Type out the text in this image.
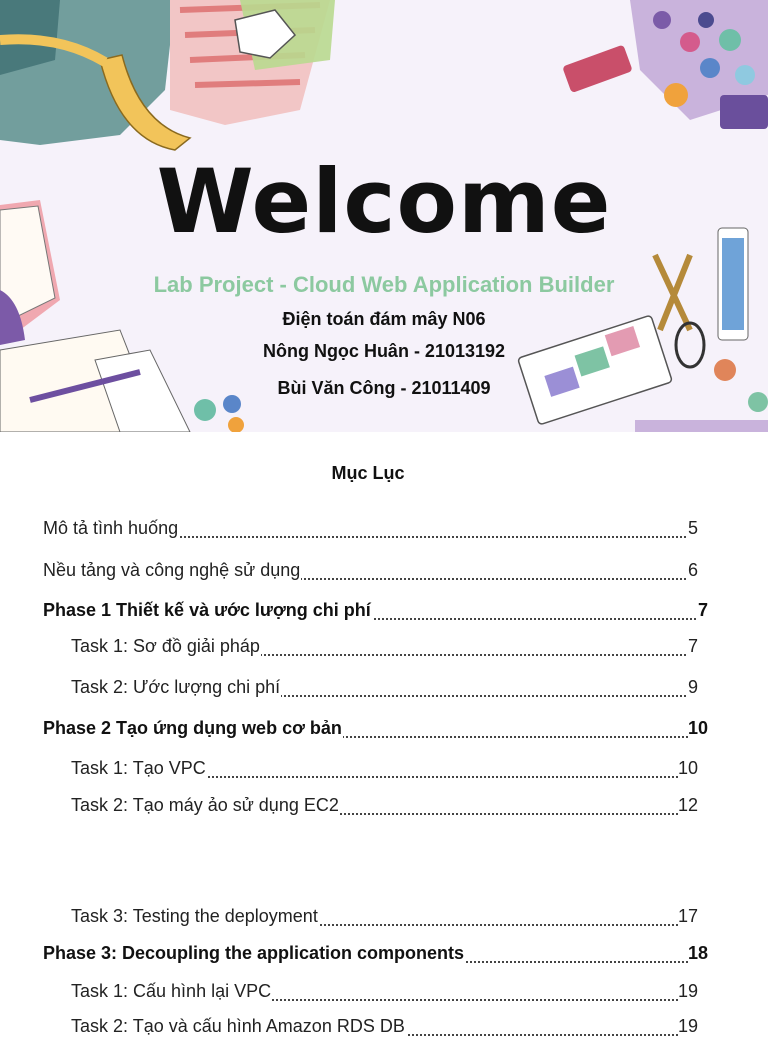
Welcome
Lab Project - Cloud Web Application Builder
Điện toán đám mây N06
Nông Ngọc Huân - 21013192
Bùi Văn Công - 21011409
Mục Lục
Mô tả tình huống	5
Nều tảng và công nghệ sử dụng	6
Phase 1 Thiết kế và ước lượng chi phí	7
Task 1: Sơ đồ giải pháp	7
Task 2: Ước lượng chi phí	9
Phase 2 Tạo ứng dụng web cơ bản	10
Task 1: Tạo VPC	10
Task 2: Tạo máy ảo sử dụng EC2	12
Task 3: Testing the deployment	17
Phase 3: Decoupling the application components	18
Task 1: Cấu hình lại VPC	19
Task 2: Tạo và cấu hình Amazon RDS DB	19
